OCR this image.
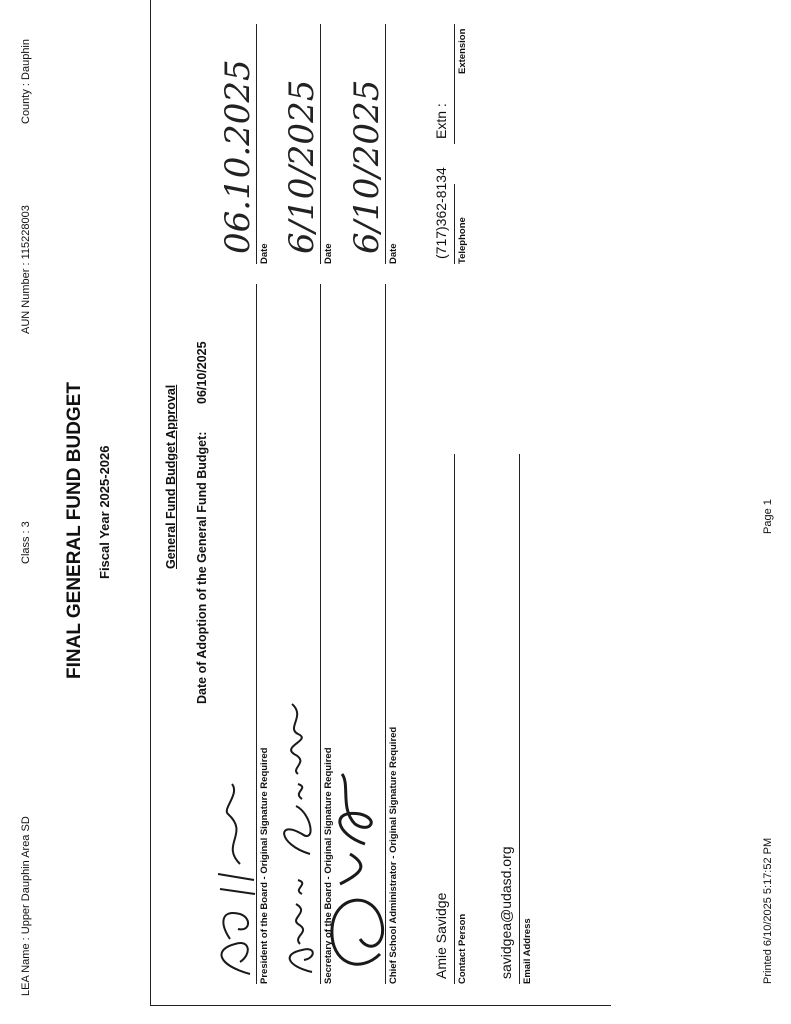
LEA Name : Upper Dauphin Area SD
Class : 3
AUN Number : 115228003
County : Dauphin
FINAL GENERAL FUND BUDGET Fiscal Year 2025-2026	General Fund Budget Approval Date of Adoption of the General Fund Budget:
06/10/2025
President of the Board - Original Signature Required
06.10.2025 Date
Secretary of the Board - Original Signature Required
6/10/2025 Date
Chief School Administrator - Original Signature Required
6/10/2025 Date
Amie Savidge Contact Person
(717)362-8134 Telephone
Extn :
Extension
savidgea@udasd.org Email Address	Printed 6/10/2025 5:17:52 PM
Page 1
